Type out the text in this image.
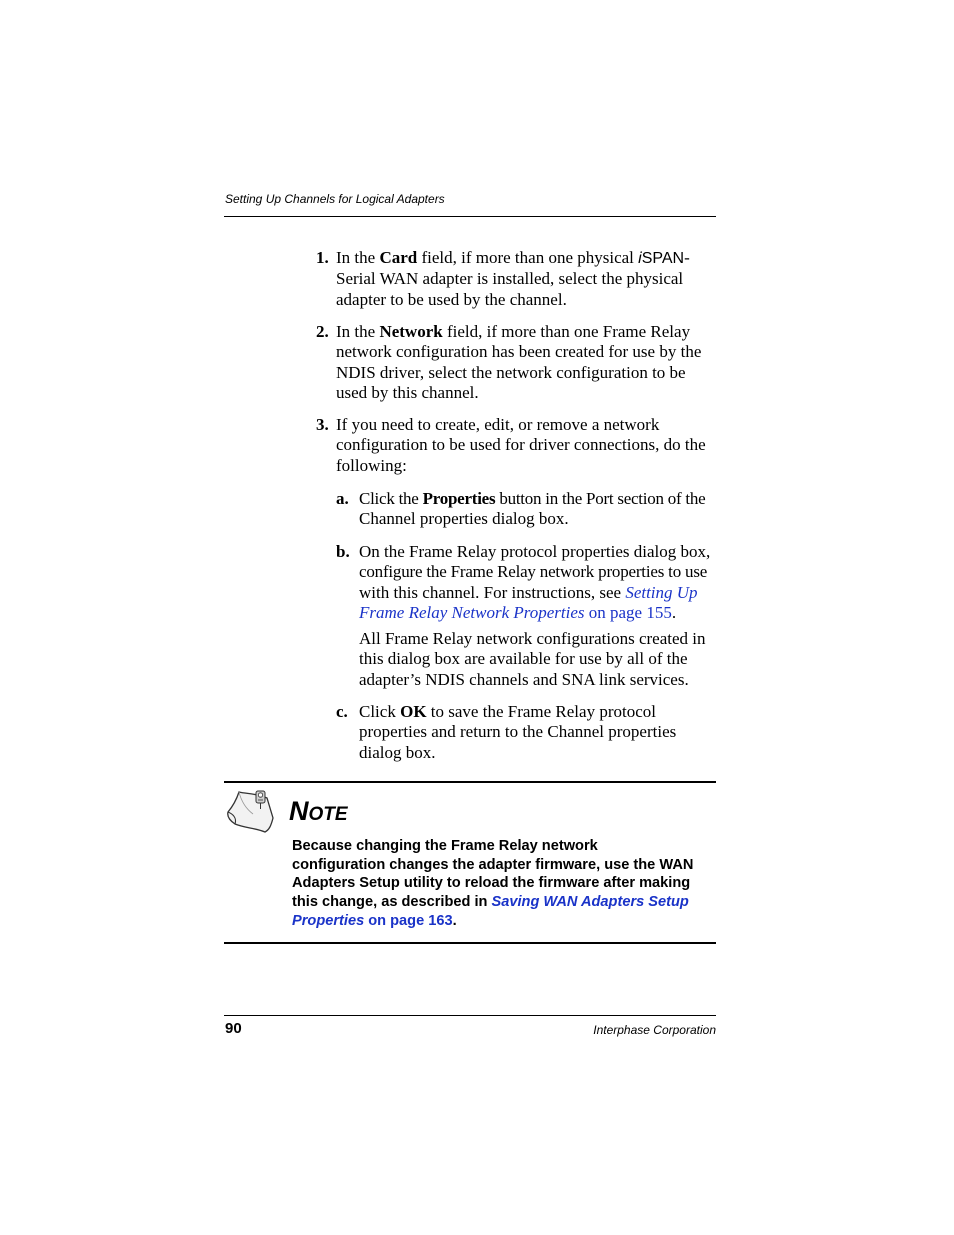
Setting Up Channels for Logical Adapters
1. In the Card field, if more than one physical iSPAN-
Serial WAN adapter is installed, select the physical
adapter to be used by the channel.
2. In the Network field, if more than one Frame Relay
network configuration has been created for use by the
NDIS driver, select the network configuration to be
used by this channel.
3. If you need to create, edit, or remove a network
configuration to be used for driver connections, do the
following:
a. Click the Properties button in the Port section of the
Channel properties dialog box.
b. On the Frame Relay protocol properties dialog box,
configure the Frame Relay network properties to use
with this channel. For instructions, see Setting Up
Frame Relay Network Properties on page 155.
All Frame Relay network configurations created in
this dialog box are available for use by all of the
adapter’s NDIS channels and SNA link services.
c. Click OK to save the Frame Relay protocol
properties and return to the Channel properties
dialog box.
NOTE
Because changing the Frame Relay network
configuration changes the adapter firmware, use the WAN
Adapters Setup utility to reload the firmware after making
this change, as described in Saving WAN Adapters Setup
Properties on page 163.
90	Interphase Corporation
